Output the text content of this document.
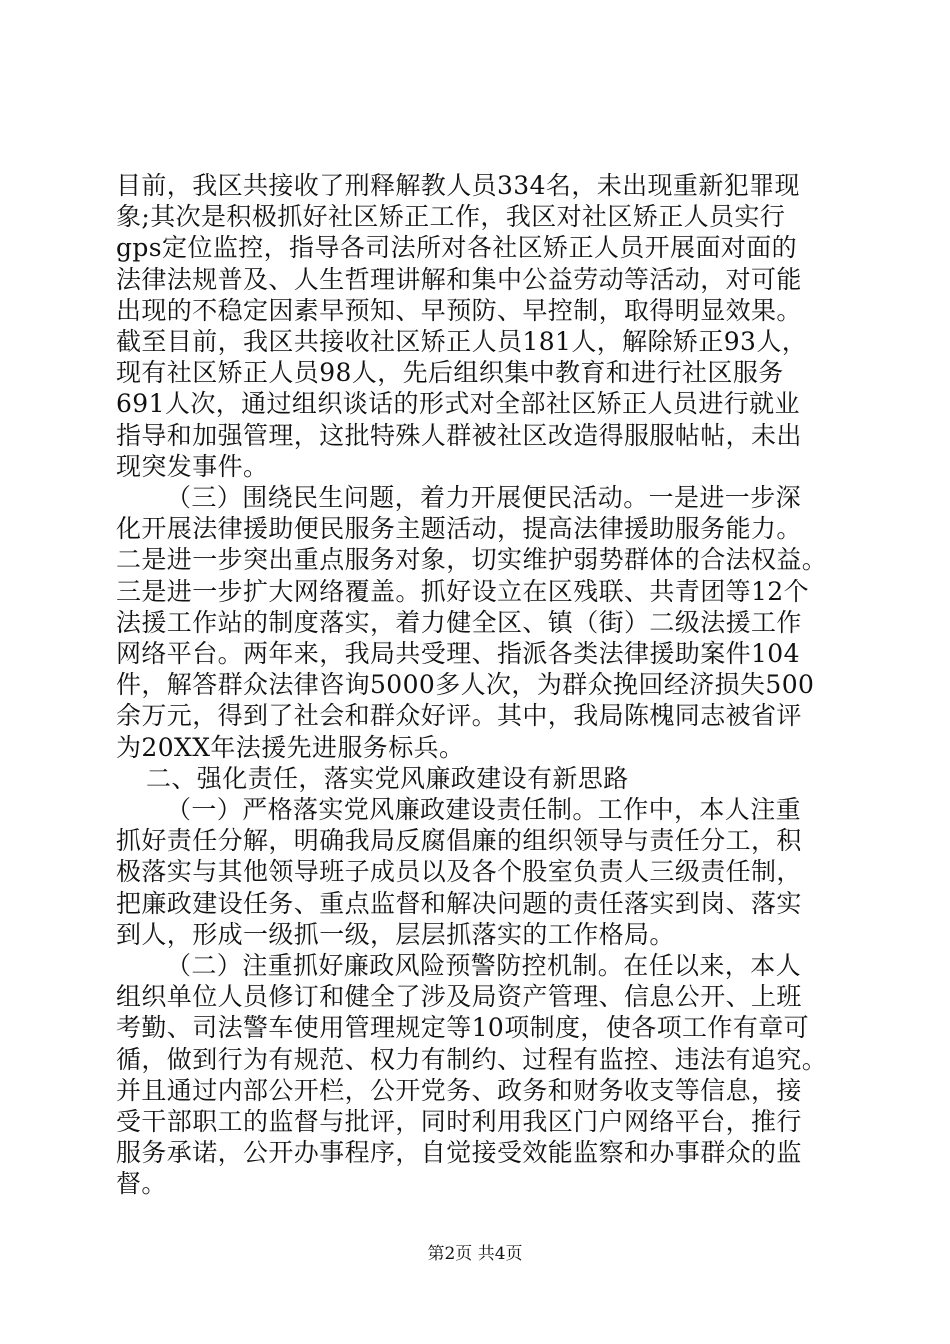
目前，我区共接收了刑释解教人员334名，未出现重新犯罪现
象;其次是积极抓好社区矫正工作，我区对社区矫正人员实行
gps定位监控，指导各司法所对各社区矫正人员开展面对面的
法律法规普及、人生哲理讲解和集中公益劳动等活动，对可能
出现的不稳定因素早预知、早预防、早控制，取得明显效果。
截至目前，我区共接收社区矫正人员181人，解除矫正93人，
现有社区矫正人员98人，先后组织集中教育和进行社区服务
691人次，通过组织谈话的形式对全部社区矫正人员进行就业
指导和加强管理，这批特殊人群被社区改造得服服帖帖，未出
现突发事件。
（三）围绕民生问题，着力开展便民活动。一是进一步深
化开展法律援助便民服务主题活动，提高法律援助服务能力。
二是进一步突出重点服务对象，切实维护弱势群体的合法权益。
三是进一步扩大网络覆盖。抓好设立在区残联、共青团等12个
法援工作站的制度落实，着力健全区、镇（街）二级法援工作
网络平台。两年来，我局共受理、指派各类法律援助案件104
件，解答群众法律咨询5000多人次，为群众挽回经济损失500
余万元，得到了社会和群众好评。其中，我局陈槐同志被省评
为20XX年法援先进服务标兵。
二、强化责任，落实党风廉政建设有新思路
（一）严格落实党风廉政建设责任制。工作中，本人注重
抓好责任分解，明确我局反腐倡廉的组织领导与责任分工，积
极落实与其他领导班子成员以及各个股室负责人三级责任制，
把廉政建设任务、重点监督和解决问题的责任落实到岗、落实
到人，形成一级抓一级，层层抓落实的工作格局。
（二）注重抓好廉政风险预警防控机制。在任以来，本人
组织单位人员修订和健全了涉及局资产管理、信息公开、上班
考勤、司法警车使用管理规定等10项制度，使各项工作有章可
循，做到行为有规范、权力有制约、过程有监控、违法有追究。
并且通过内部公开栏，公开党务、政务和财务收支等信息，接
第2页 共4页
受干部职工的监督与批评，同时利用我区门户网络平台，推行
服务承诺，公开办事程序，自觉接受效能监察和办事群众的监
督。
